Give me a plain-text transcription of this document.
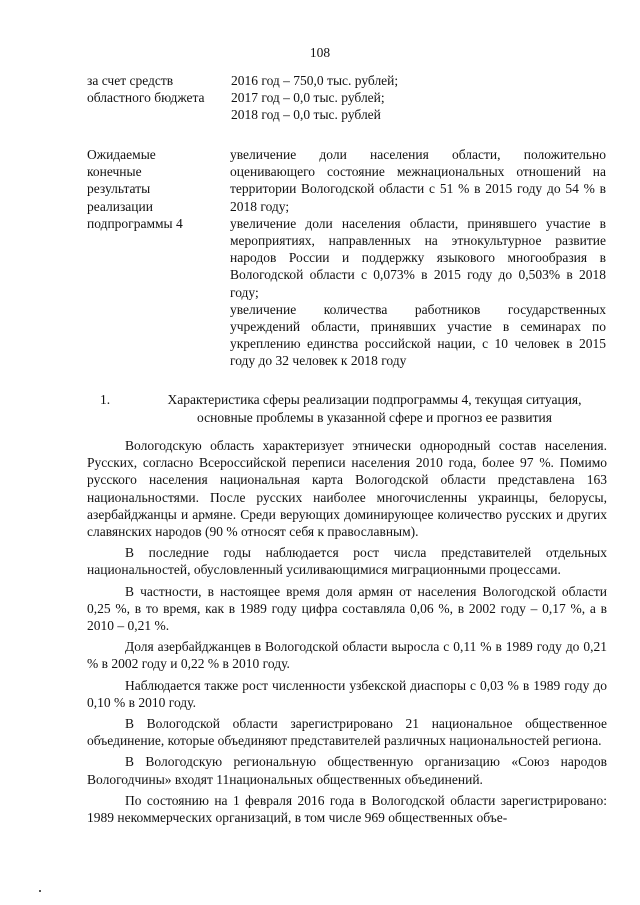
108
за счет средств
областного бюджета
2016 год – 750,0 тыс. рублей;
2017 год – 0,0 тыс. рублей;
2018 год – 0,0 тыс. рублей
Ожидаемые
конечные
результаты
реализации
подпрограммы 4

увеличение доли населения области, положительно оценивающего состояние межнациональных отношений на территории Вологодской области с 51 % в 2015 году до 54 % в 2018 году;

увеличение доли населения области, принявшего участие в мероприятиях, направленных на этнокультурное развитие народов России и поддержку языкового многообразия в Вологодской области с 0,073% в 2015 году до 0,503% в 2018 году;

увеличение количества работников государственных учреждений области, принявших участие в семинарах по укреплению единства российской нации, с 10 человек в 2015 году до 32 человек к 2018 году

1.	Характеристика сферы реализации подпрограммы 4, текущая ситуация,
основные проблемы в указанной сфере и прогноз ее развития

Вологодскую область характеризует этнически однородный состав населения. Русских, согласно Всероссийской переписи населения 2010 года, более 97 %. Помимо русского населения национальная карта Вологодской области представлена 163 национальностями. После русских наиболее многочисленны украинцы, белорусы, азербайджанцы и армяне. Среди верующих доминирующее количество русских и других славянских народов (90 % относят себя к православным).

В последние годы наблюдается рост числа представителей отдельных национальностей, обусловленный усиливающимися миграционными процессами.

В частности, в настоящее время доля армян от населения Вологодской области 0,25 %, в то время, как в 1989 году цифра составляла 0,06 %, в 2002 году – 0,17 %, а в 2010 – 0,21 %.

Доля азербайджанцев в Вологодской области выросла с 0,11 % в 1989 году до 0,21 % в 2002 году и 0,22 % в 2010 году.

Наблюдается также рост численности узбекской диаспоры с 0,03 % в 1989 году до 0,10 % в 2010 году.

В Вологодской области зарегистрировано 21 национальное общественное объединение, которые объединяют представителей различных национальностей региона.

В Вологодскую региональную общественную организацию «Союз народов Вологодчины» входят 11национальных общественных объединений.

По состоянию на 1 февраля 2016 года в Вологодской области зарегистрировано: 1989 некоммерческих организаций, в том числе 969 общественных объе-
